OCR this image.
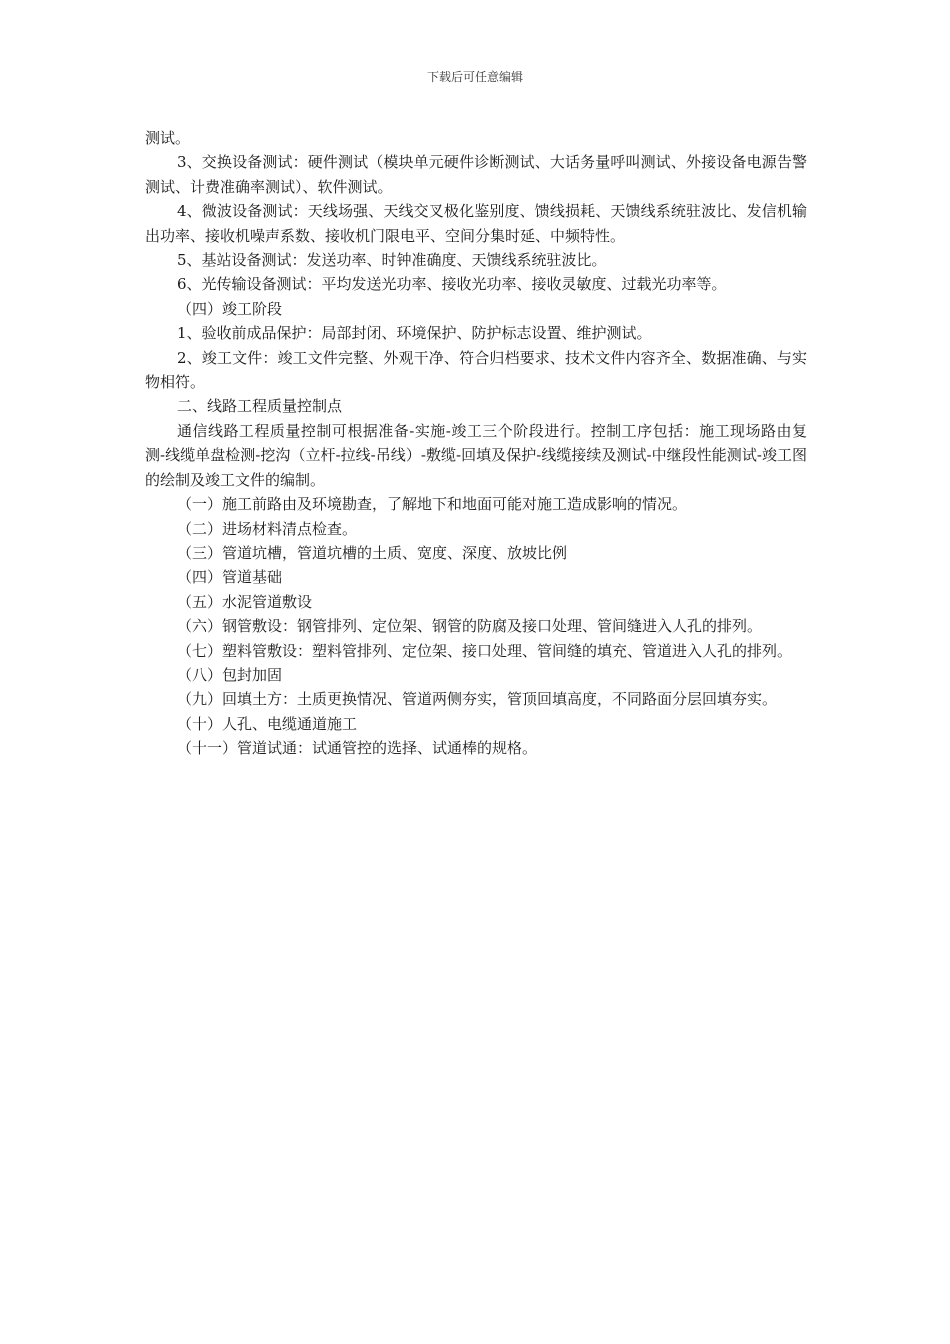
下载后可任意编辑

测试。

3、交换设备测试：硬件测试（模块单元硬件诊断测试、大话务量呼叫测试、外接设备电源告警测试、计费准确率测试）、软件测试。

4、微波设备测试：天线场强、天线交叉极化鉴别度、馈线损耗、天馈线系统驻波比、发信机输出功率、接收机噪声系数、接收机门限电平、空间分集时延、中频特性。

5、基站设备测试：发送功率、时钟准确度、天馈线系统驻波比。

6、光传输设备测试：平均发送光功率、接收光功率、接收灵敏度、过载光功率等。

（四）竣工阶段

1、验收前成品保护：局部封闭、环境保护、防护标志设置、维护测试。

2、竣工文件：竣工文件完整、外观干净、符合归档要求、技术文件内容齐全、数据准确、与实物相符。

二、线路工程质量控制点

通信线路工程质量控制可根据准备-实施-竣工三个阶段进行。控制工序包括：施工现场路由复测-线缆单盘检测-挖沟（立杆-拉线-吊线）-敷缆-回填及保护-线缆接续及测试-中继段性能测试-竣工图的绘制及竣工文件的编制。

（一）施工前路由及环境勘查，了解地下和地面可能对施工造成影响的情况。

（二）进场材料清点检查。

（三）管道坑槽，管道坑槽的土质、宽度、深度、放坡比例

（四）管道基础

（五）水泥管道敷设

（六）钢管敷设：钢管排列、定位架、钢管的防腐及接口处理、管间缝进入人孔的排列。

（七）塑料管敷设：塑料管排列、定位架、接口处理、管间缝的填充、管道进入人孔的排列。

（八）包封加固

（九）回填土方：土质更换情况、管道两侧夯实，管顶回填高度，不同路面分层回填夯实。

（十）人孔、电缆通道施工

（十一）管道试通：试通管控的选择、试通棒的规格。
